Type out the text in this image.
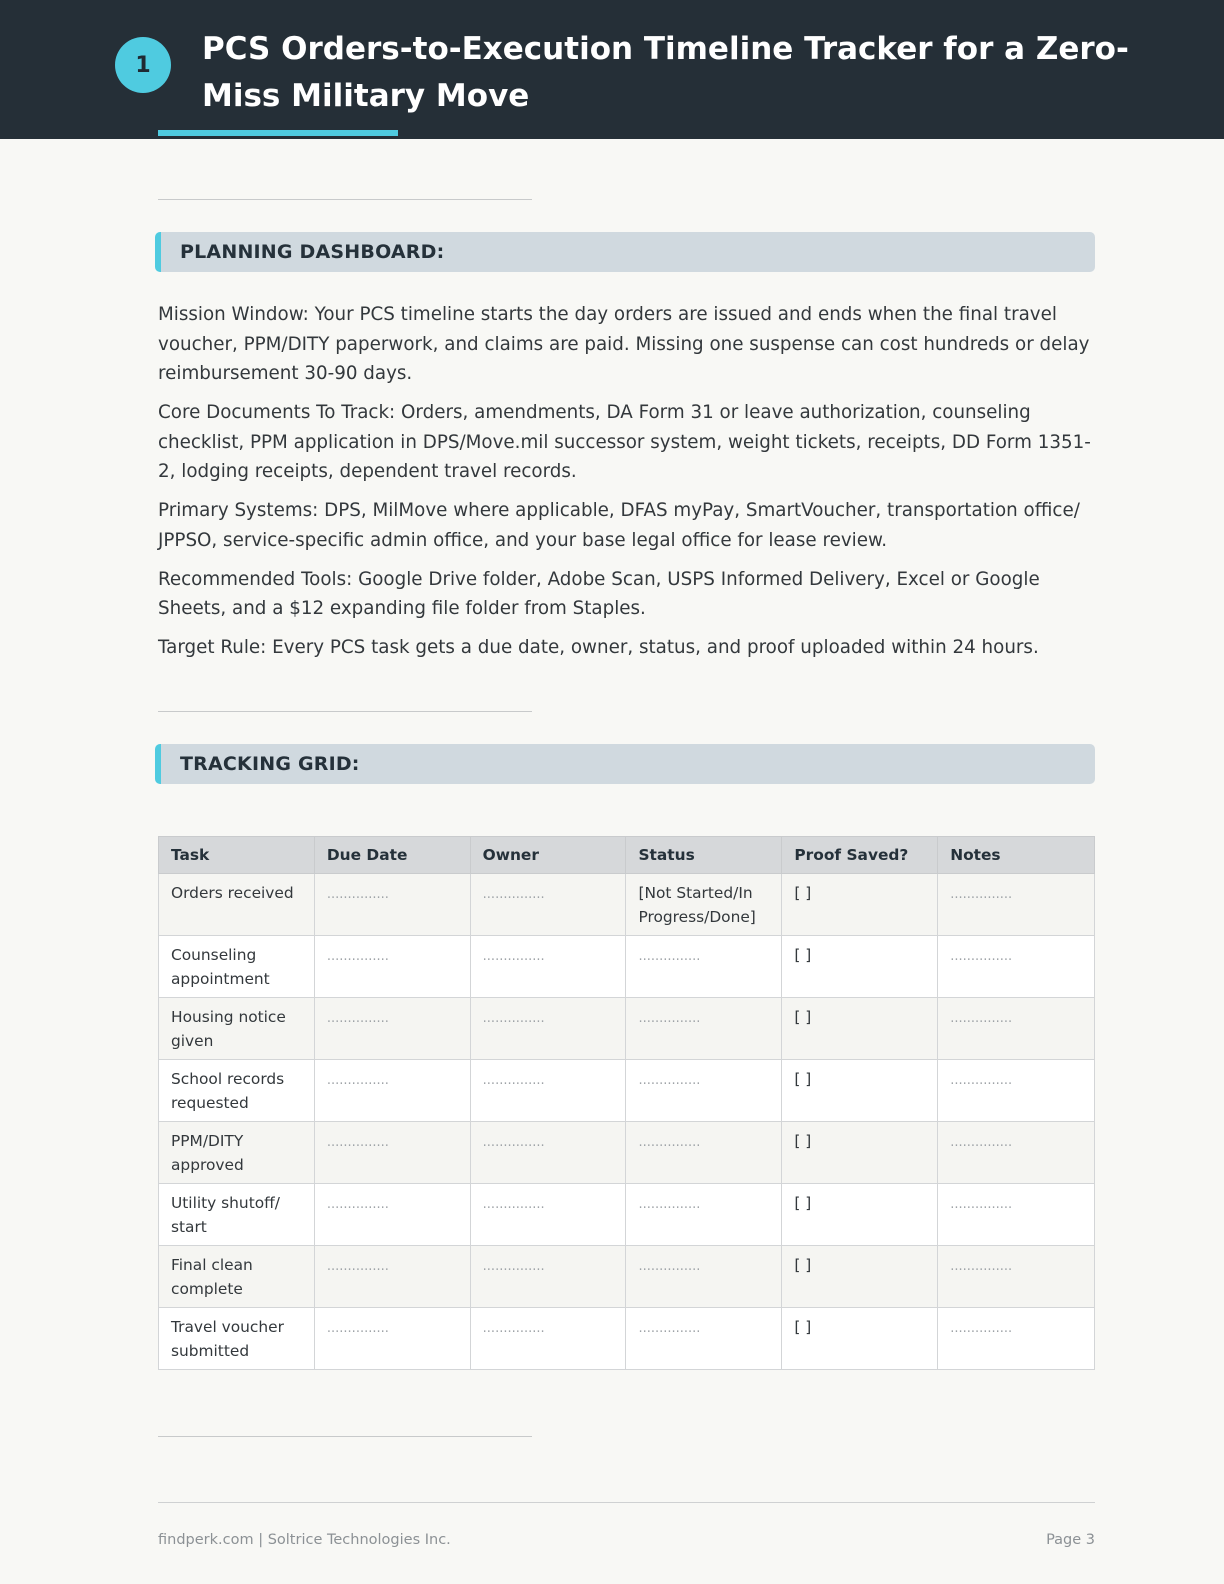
1	PCS Orders-to-Execution Timeline Tracker for a Zero-Miss Military Move
PLANNING DASHBOARD:

Mission Window: Your PCS timeline starts the day orders are issued and ends when the final travel voucher, PPM/DITY paperwork, and claims are paid. Missing one suspense can cost hundreds or delay reimbursement 30-90 days.

Core Documents To Track: Orders, amendments, DA Form 31 or leave authorization, counseling checklist, PPM application in DPS/Move.mil successor system, weight tickets, receipts, DD Form 1351-2, lodging receipts, dependent travel records.

Primary Systems: DPS, MilMove where applicable, DFAS myPay, SmartVoucher, transportation office/ JPPSO, service-specific admin office, and your base legal office for lease review.

Recommended Tools: Google Drive folder, Adobe Scan, USPS Informed Delivery, Excel or Google Sheets, and a $12 expanding file folder from Staples.

Target Rule: Every PCS task gets a due date, owner, status, and proof uploaded within 24 hours.

TRACKING GRID:
Task	Due Date	Owner	Status	Proof Saved?	Notes
Orders received	...............	...............	[Not Started/In Progress/Done]	[ ]	...............
Counseling appointment	...............	...............	...............	[ ]	...............
Housing notice given	...............	...............	...............	[ ]	...............
School records requested	...............	...............	...............	[ ]	...............
PPM/DITY approved	...............	...............	...............	[ ]	...............
Utility shutoff/ start	...............	...............	...............	[ ]	...............
Final clean complete	...............	...............	...............	[ ]	...............
Travel voucher submitted	...............	...............	...............	[ ]	...............
findperk.com | Soltrice Technologies Inc.	Page 3
